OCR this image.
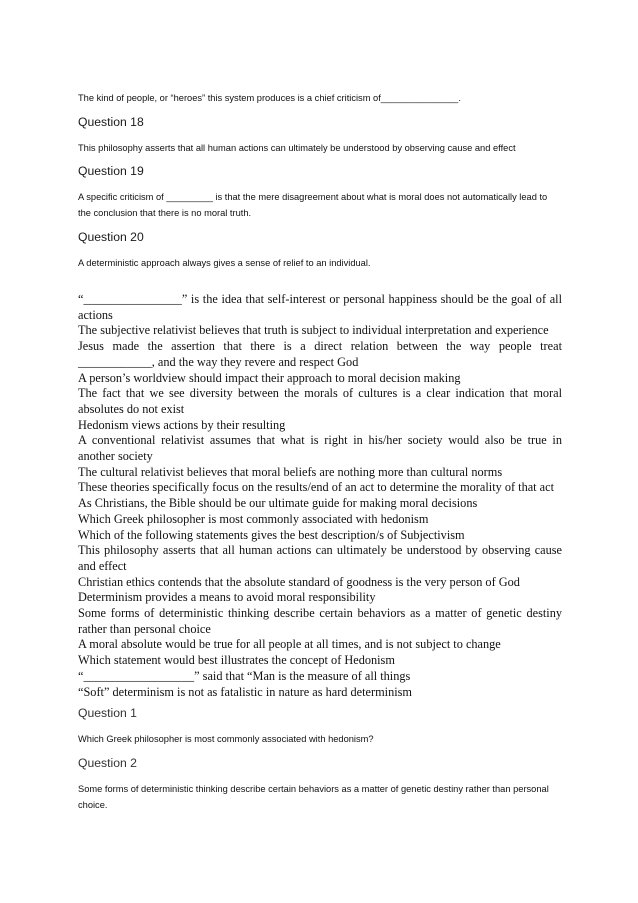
The kind of people, or “heroes” this system produces is a chief criticism of_______________.
Question 18
This philosophy asserts that all human actions can ultimately be understood by observing cause and effect
Question 19
A specific criticism of _________ is that the mere disagreement about what is moral does not automatically lead to the conclusion that there is no moral truth.
Question 20
A deterministic approach always gives a sense of relief to an individual.
“________________” is the idea that self-interest or personal happiness should be the goal of all actions
The subjective relativist believes that truth is subject to individual interpretation and experience
Jesus made the assertion that there is a direct relation between the way people treat ____________, and the way they revere and respect God
A person’s worldview should impact their approach to moral decision making
The fact that we see diversity between the morals of cultures is a clear indication that moral absolutes do not exist
Hedonism views actions by their resulting
A conventional relativist assumes that what is right in his/her society would also be true in another society
The cultural relativist believes that moral beliefs are nothing more than cultural norms
These theories specifically focus on the results/end of an act to determine the morality of that act
As Christians, the Bible should be our ultimate guide for making moral decisions
Which Greek philosopher is most commonly associated with hedonism
Which of the following statements gives the best description/s of Subjectivism
This philosophy asserts that all human actions can ultimately be understood by observing cause and effect
Christian ethics contends that the absolute standard of goodness is the very person of God
Determinism provides a means to avoid moral responsibility
Some forms of deterministic thinking describe certain behaviors as a matter of genetic destiny rather than personal choice
A moral absolute would be true for all people at all times, and is not subject to change
Which statement would best illustrates the concept of Hedonism
“__________________” said that “Man is the measure of all things
“Soft” determinism is not as fatalistic in nature as hard determinism
Question 1
Which Greek philosopher is most commonly associated with hedonism?
Question 2
Some forms of deterministic thinking describe certain behaviors as a matter of genetic destiny rather than personal choice.
